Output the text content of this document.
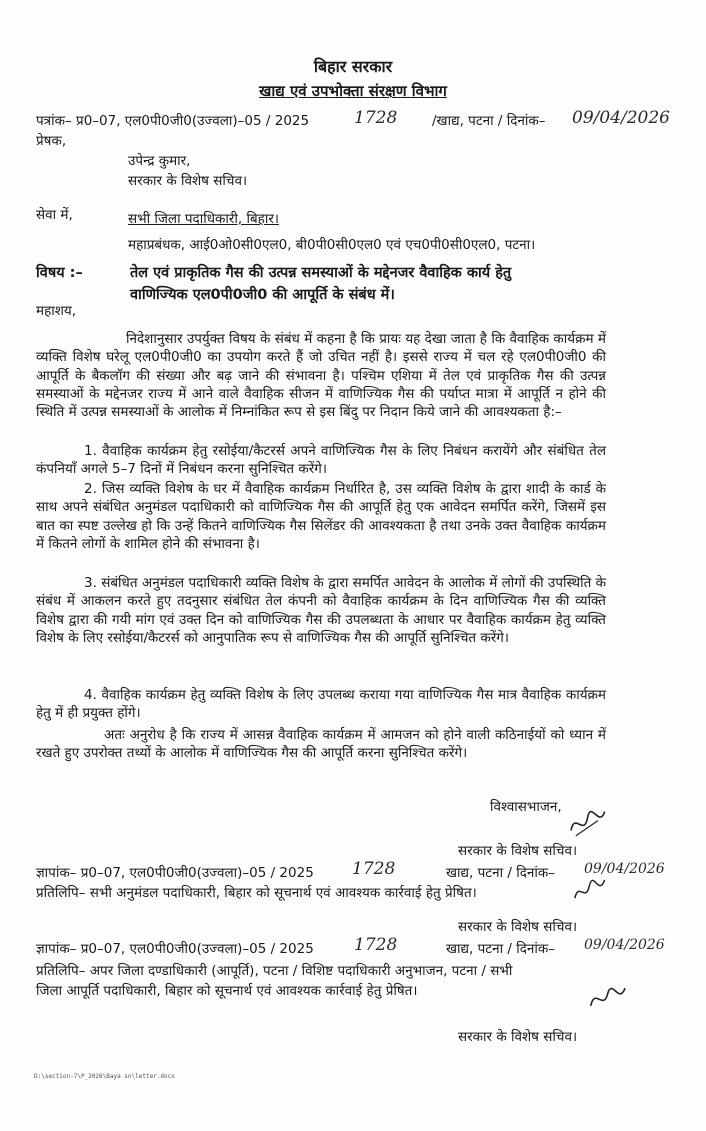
बिहार सरकार
खाद्य एवं उपभोक्ता संरक्षण विभाग
पत्रांक– प्र0–07, एल0पी0जी0(उज्वला)–05 / 2025	1728	/खाद्य, पटना / दिनांक– 09/04/2026
प्रेषक,
उपेन्द्र कुमार,
सरकार के विशेष सचिव।
सेवा में,	सभी जिला पदाधिकारी, बिहार।
महाप्रबंधक, आई0ओ0सी0एल0, बी0पी0सी0एल0 एवं एच0पी0सी0एल0, पटना।
विषय :–	तेल एवं प्राकृतिक गैस की उत्पन्न समस्याओं के मद्देनजर वैवाहिक कार्य हेतु
वाणिज्यिक एल0पी0जी0 की आपूर्ति के संबंध में।
महाशय,
निदेशानुसार उपर्युक्त विषय के संबंध में कहना है कि प्रायः यह देखा जाता है कि वैवाहिक कार्यक्रम में व्यक्ति विशेष घरेलू एल0पी0जी0 का उपयोग करते हैं जो उचित नहीं है। इससे राज्य में चल रहे एल0पी0जी0 की आपूर्ति के बैकलॉग की संख्या और बढ़ जाने की संभावना है। पश्चिम एशिया में तेल एवं प्राकृतिक गैस की उत्पन्न समस्याओं के मद्देनजर राज्य में आने वाले वैवाहिक सीजन में वाणिज्यिक गैस की पर्याप्त मात्रा में आपूर्ति न होने की स्थिति में उत्पन्न समस्याओं के आलोक में निम्नांकित रूप से इस बिंदु पर निदान किये जाने की आवश्यकता है:–
1. वैवाहिक कार्यक्रम हेतु रसोईया/कैटरर्स अपने वाणिज्यिक गैस के लिए निबंधन करायेंगे और संबंधित तेल कंपनियाँ अगले 5–7 दिनों में निबंधन करना सुनिश्चित करेंगे।
2. जिस व्यक्ति विशेष के घर में वैवाहिक कार्यक्रम निर्धारित है, उस व्यक्ति विशेष के द्वारा शादी के कार्ड के साथ अपने संबंधित अनुमंडल पदाधिकारी को वाणिज्यिक गैस की आपूर्ति हेतु एक आवेदन समर्पित करेंगे, जिसमें इस बात का स्पष्ट उल्लेख हो कि उन्हें कितने वाणिज्यिक गैस सिलेंडर की आवश्यकता है तथा उनके उक्त वैवाहिक कार्यक्रम में कितने लोगों के शामिल होने की संभावना है।
3. संबंधित अनुमंडल पदाधिकारी व्यक्ति विशेष के द्वारा समर्पित आवेदन के आलोक में लोगों की उपस्थिति के संबंध में आकलन करते हुए तदनुसार संबंधित तेल कंपनी को वैवाहिक कार्यक्रम के दिन वाणिज्यिक गैस की व्यक्ति विशेष द्वारा की गयी मांग एवं उक्त दिन को वाणिज्यिक गैस की उपलब्धता के आधार पर वैवाहिक कार्यक्रम हेतु व्यक्ति विशेष के लिए रसोईया/कैटरर्स को आनुपातिक रूप से वाणिज्यिक गैस की आपूर्ति सुनिश्चित करेंगे।
4. वैवाहिक कार्यक्रम हेतु व्यक्ति विशेष के लिए उपलब्ध कराया गया वाणिज्यिक गैस मात्र वैवाहिक कार्यक्रम हेतु में ही प्रयुक्त होंगे।
अतः अनुरोध है कि राज्य में आसन्न वैवाहिक कार्यक्रम में आमजन को होने वाली कठिनाईयों को ध्यान में रखते हुए उपरोक्त तथ्यों के आलोक में वाणिज्यिक गैस की आपूर्ति करना सुनिश्चित करेंगे।
विश्वासभाजन,
सरकार के विशेष सचिव।
ज्ञापांक– प्र0–07, एल0पी0जी0(उज्वला)–05 / 2025 1728	खाद्य, पटना / दिनांक– 09/04/2026
प्रतिलिपि– सभी अनुमंडल पदाधिकारी, बिहार को सूचनार्थ एवं आवश्यक कार्रवाई हेतु प्रेषित।
सरकार के विशेष सचिव।
ज्ञापांक– प्र0–07, एल0पी0जी0(उज्वला)–05 / 2025 1728	खाद्य, पटना / दिनांक– 09/04/2026
प्रतिलिपि– अपर जिला दण्डाधिकारी (आपूर्ति), पटना / विशिष्ट पदाधिकारी अनुभाजन, पटना / सभी
जिला आपूर्ति पदाधिकारी, बिहार को सूचनार्थ एवं आवश्यक कार्रवाई हेतु प्रेषित।
सरकार के विशेष सचिव।
D:\section-7\P_2026\Baya sn\letter.docx
